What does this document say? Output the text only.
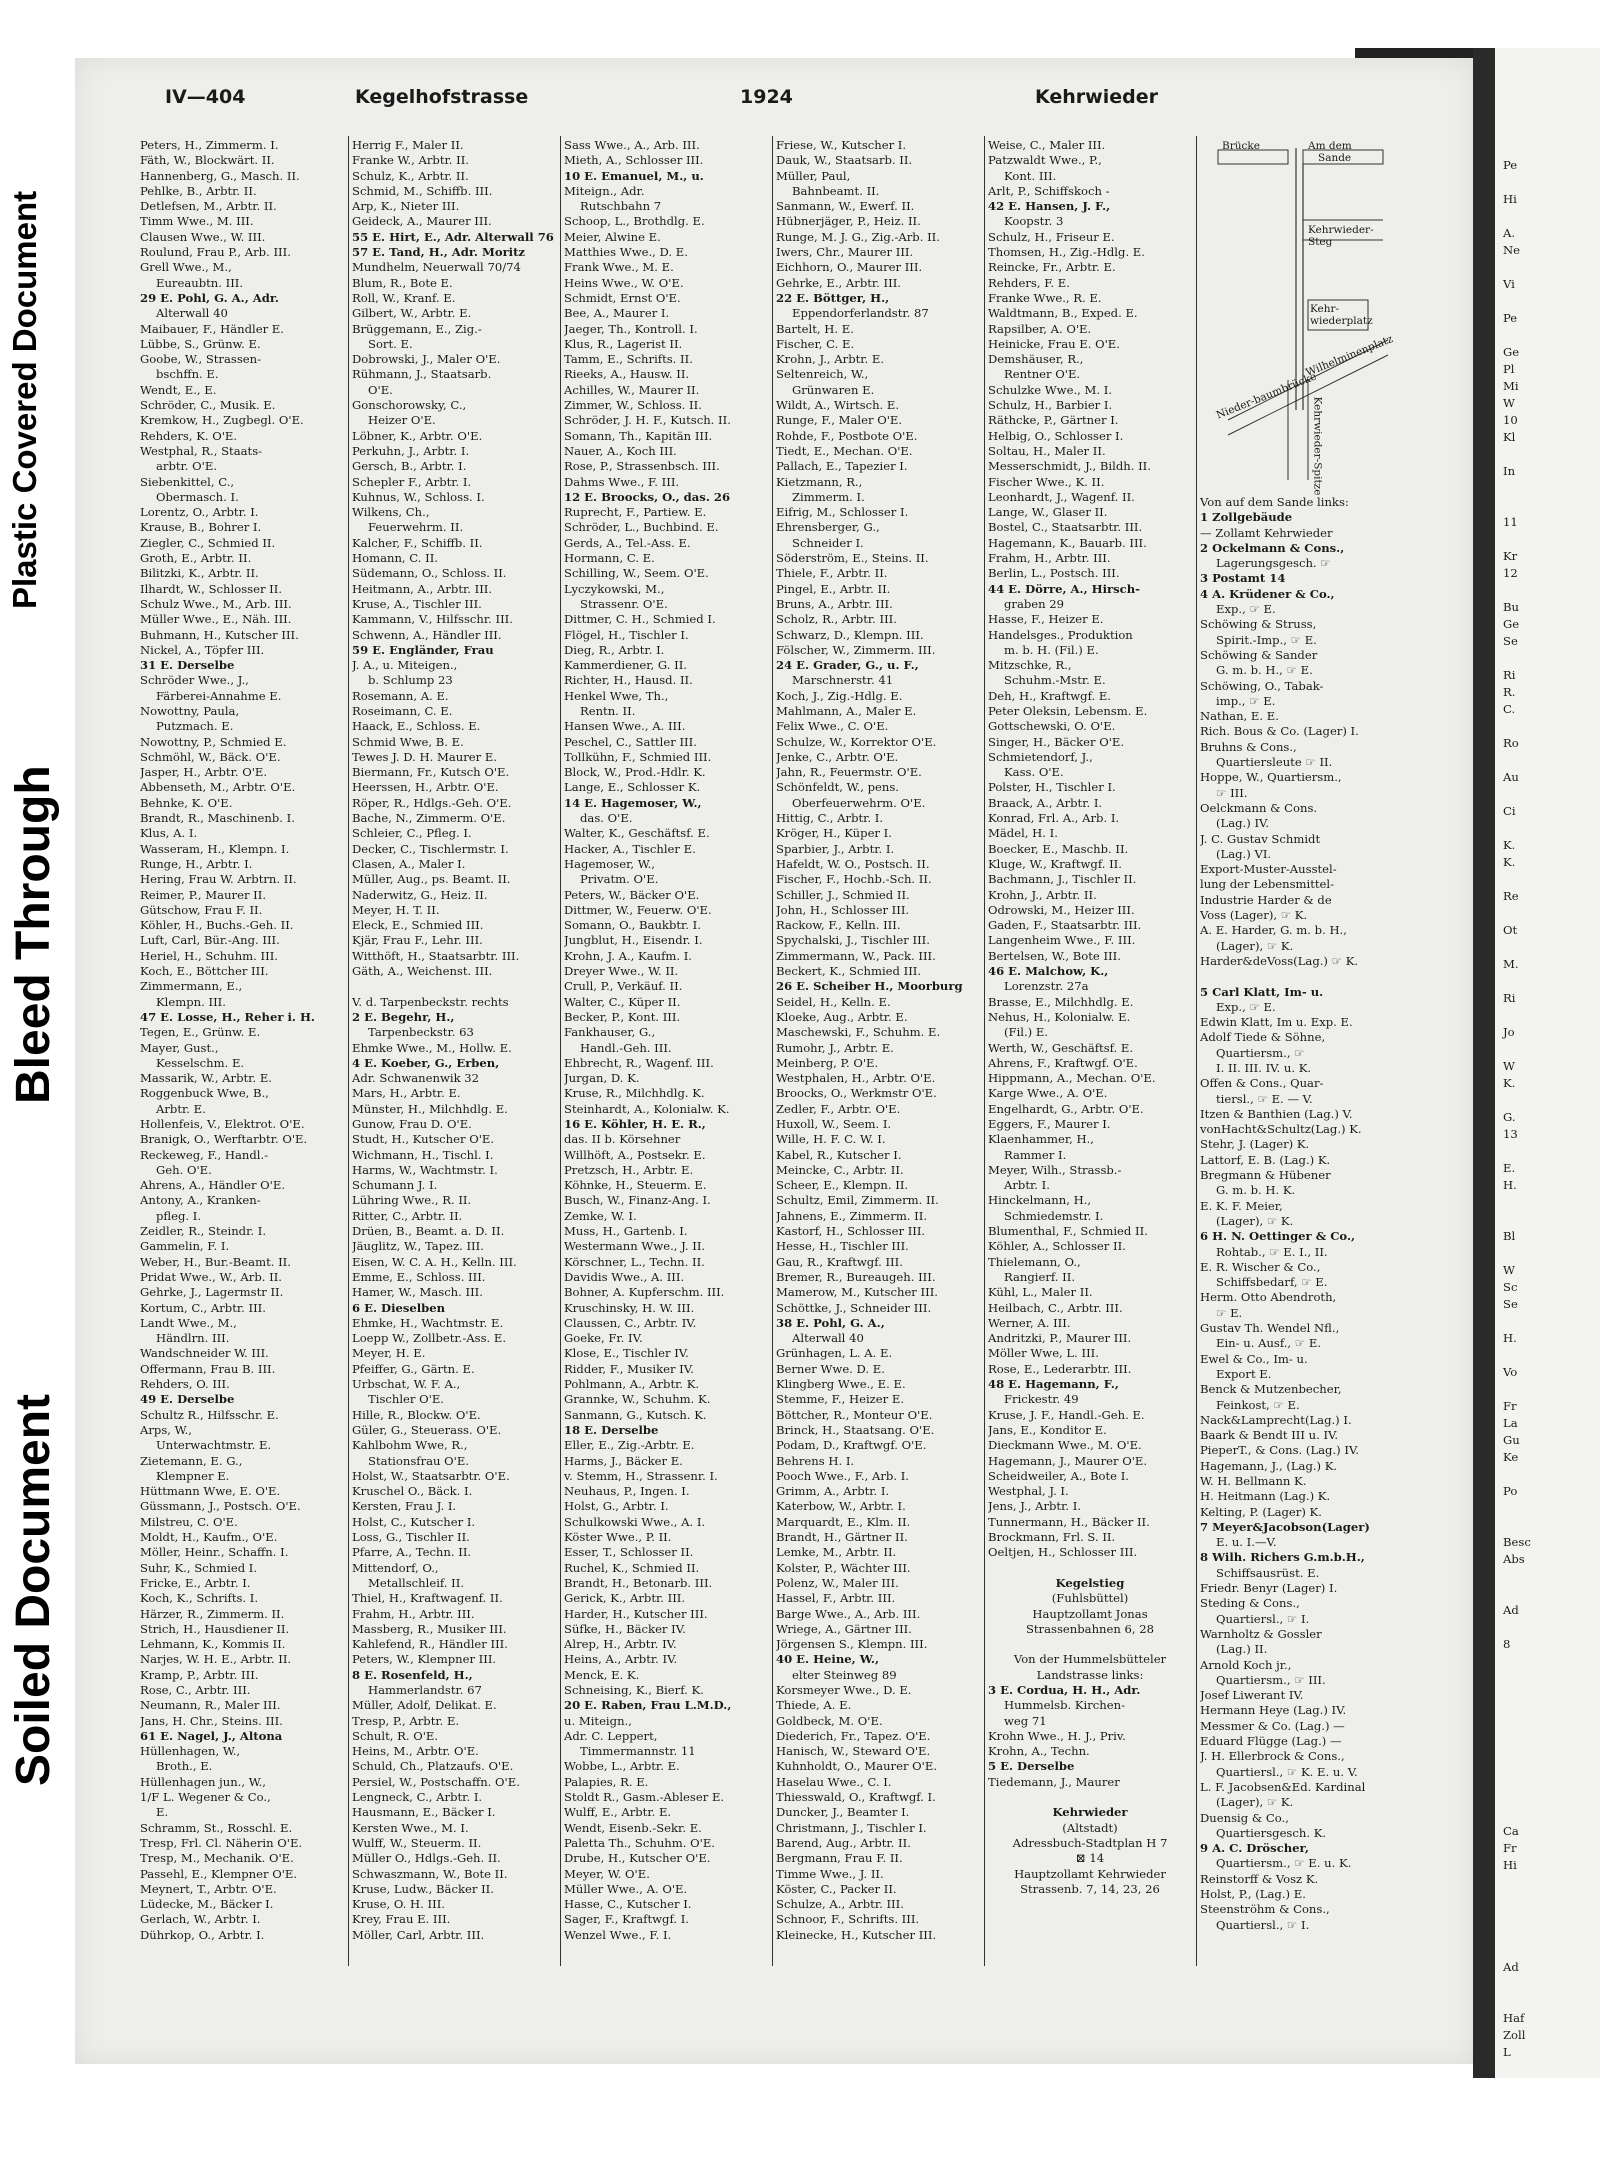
Plastic Covered Document
Bleed Through
Soiled Document
Pe

Hi

A.
Ne

Vi

Pe

Ge
Pl
Mi
W
10
Kl

In

11

Kr
12

Bu
Ge
Se

Ri
R.
C.

Ro

Au

Ci

K.
K.

Re

Ot

M.

Ri

Jo

W
K.

G.
13

E.
H.

Bl

W
Sc
Se

H.

Vo

Fr
La
Gu
Ke

Po

Besc
Abs

Ad

8

Ca
Fr
Hi

Ad

Haf
Zoll
L
IV—404	Kegelhofstrasse	1924	Kehrwieder
Peters, H., Zimmerm. I.
Fäth, W., Blockwärt. II.
Hannenberg, G., Masch. II.
Pehlke, B., Arbtr. II.
Detlefsen, M., Arbtr. II.
Timm Wwe., M. III.
Clausen Wwe., W. III.
Roulund, Frau P., Arb. III.
Grell Wwe., M.,
Eureaubtn. III.
29 E. Pohl, G. A., Adr.
Alterwall 40
Maibauer, F., Händler E.
Lübbe, S., Grünw. E.
Goobe, W., Strassen-
bschffn. E.
Wendt, E., E.
Schröder, C., Musik. E.
Kremkow, H., Zugbegl. O'E.
Rehders, K. O'E.
Westphal, R., Staats-
arbtr. O'E.
Siebenkittel, C.,
Obermasch. I.
Lorentz, O., Arbtr. I.
Krause, B., Bohrer I.
Ziegler, C., Schmied II.
Groth, E., Arbtr. II.
Bilitzki, K., Arbtr. II.
Ilhardt, W., Schlosser II.
Schulz Wwe., M., Arb. III.
Müller Wwe., E., Näh. III.
Buhmann, H., Kutscher III.
Nickel, A., Töpfer III.
31 E. Derselbe
Schröder Wwe., J.,
Färberei-Annahme E.
Nowottny, Paula,
Putzmach. E.
Nowottny, P., Schmied E.
Schmöhl, W., Bäck. O'E.
Jasper, H., Arbtr. O'E.
Abbenseth, M., Arbtr. O'E.
Behnke, K. O'E.
Brandt, R., Maschinenb. I.
Klus, A. I.
Wasseram, H., Klempn. I.
Runge, H., Arbtr. I.
Hering, Frau W. Arbtrn. II.
Reimer, P., Maurer II.
Gütschow, Frau F. II.
Köhler, H., Buchs.-Geh. II.
Luft, Carl, Bür.-Ang. III.
Heriel, H., Schuhm. III.
Koch, E., Böttcher III.
Zimmermann, E.,
Klempn. III.
47 E. Losse, H., Reher i. H.
Tegen, E., Grünw. E.
Mayer, Gust.,
Kesselschm. E.
Massarik, W., Arbtr. E.
Roggenbuck Wwe, B.,
Arbtr. E.
Hollenfeis, V., Elektrot. O'E.
Branigk, O., Werftarbtr. O'E.
Reckeweg, F., Handl.-
Geh. O'E.
Ahrens, A., Händler O'E.
Antony, A., Kranken-
pfleg. I.
Zeidler, R., Steindr. I.
Gammelin, F. I.
Weber, H., Bur.-Beamt. II.
Pridat Wwe., W., Arb. II.
Gehrke, J., Lagermstr II.
Kortum, C., Arbtr. III.
Landt Wwe., M.,
Händlrn. III.
Wandschneider W. III.
Offermann, Frau B. III.
Rehders, O. III.
49 E. Derselbe
Schultz R., Hilfsschr. E.
Arps, W.,
Unterwachtmstr. E.
Zietemann, E. G.,
Klempner E.
Hüttmann Wwe, E. O'E.
Güssmann, J., Postsch. O'E.
Milstreu, C. O'E.
Moldt, H., Kaufm., O'E.
Möller, Heinr., Schaffn. I.
Suhr, K., Schmied I.
Fricke, E., Arbtr. I.
Koch, K., Schrifts. I.
Härzer, R., Zimmerm. II.
Strich, H., Hausdiener II.
Lehmann, K., Kommis II.
Narjes, W. H. E., Arbtr. II.
Kramp, P., Arbtr. III.
Rose, C., Arbtr. III.
Neumann, R., Maler III.
Jans, H. Chr., Steins. III.
61 E. Nagel, J., Altona
Hüllenhagen, W.,
Broth., E.
Hüllenhagen jun., W.,
1/F L. Wegener & Co.,
E.
Schramm, St., Rosschl. E.
Tresp, Frl. Cl. Näherin O'E.
Tresp, M., Mechanik. O'E.
Passehl, E., Klempner O'E.
Meynert, T., Arbtr. O'E.
Lüdecke, M., Bäcker I.
Gerlach, W., Arbtr. I.
Dührkop, O., Arbtr. I.
Herrig F., Maler II.
Franke W., Arbtr. II.
Schulz, K., Arbtr. II.
Schmid, M., Schiffb. III.
Arp, K., Nieter III.
Geideck, A., Maurer III.
55 E. Hirt, E., Adr. Alterwall 76
57 E. Tand, H., Adr. Moritz
Mundhelm, Neuerwall 70/74
Blum, R., Bote E.
Roll, W., Kranf. E.
Gilbert, W., Arbtr. E.
Brüggemann, E., Zig.-
Sort. E.
Dobrowski, J., Maler O'E.
Rühmann, J., Staatsarb.
O'E.
Gonschorowsky, C.,
Heizer O'E.
Löbner, K., Arbtr. O'E.
Perkuhn, J., Arbtr. I.
Gersch, B., Arbtr. I.
Schepler F., Arbtr. I.
Kuhnus, W., Schloss. I.
Wilkens, Ch.,
Feuerwehrm. II.
Kalcher, F., Schiffb. II.
Homann, C. II.
Südemann, O., Schloss. II.
Heitmann, A., Arbtr. III.
Kruse, A., Tischler III.
Kammann, V., Hilfsschr. III.
Schwenn, A., Händler III.
59 E. Engländer, Frau
J. A., u. Miteigen.,
b. Schlump 23
Rosemann, A. E.
Roseimann, C. E.
Haack, E., Schloss. E.
Schmid Wwe, B. E.
Tewes J. D. H. Maurer E.
Biermann, Fr., Kutsch O'E.
Heerssen, H., Arbtr. O'E.
Röper, R., Hdlgs.-Geh. O'E.
Bache, N., Zimmerm. O'E.
Schleier, C., Pfleg. I.
Decker, C., Tischlermstr. I.
Clasen, A., Maler I.
Müller, Aug., ps. Beamt. II.
Naderwitz, G., Heiz. II.
Meyer, H. T. II.
Eleck, E., Schmied III.
Kjär, Frau F., Lehr. III.
Witthöft, H., Staatsarbtr. III.
Gäth, A., Weichenst. III.

V. d. Tarpenbeckstr. rechts
2 E. Begehr, H.,
Tarpenbeckstr. 63
Ehmke Wwe., M., Hollw. E.
4 E. Koeber, G., Erben,
Adr. Schwanenwik 32
Mars, H., Arbtr. E.
Münster, H., Milchhdlg. E.
Gunow, Frau D. O'E.
Studt, H., Kutscher O'E.
Wichmann, H., Tischl. I.
Harms, W., Wachtmstr. I.
Schumann J. I.
Lühring Wwe., R. II.
Ritter, C., Arbtr. II.
Drüen, B., Beamt. a. D. II.
Jäuglitz, W., Tapez. III.
Eisen, W. C. A. H., Kelln. III.
Emme, E., Schloss. III.
Hamer, W., Masch. III.
6 E. Dieselben
Ehmke, H., Wachtmstr. E.
Loepp W., Zollbetr.-Ass. E.
Meyer, H. E.
Pfeiffer, G., Gärtn. E.
Urbschat, W. F. A.,
Tischler O'E.
Hille, R., Blockw. O'E.
Güler, G., Steuerass. O'E.
Kahlbohm Wwe, R.,
Stationsfrau O'E.
Holst, W., Staatsarbtr. O'E.
Kruschel O., Bäck. I.
Kersten, Frau J. I.
Holst, C., Kutscher I.
Loss, G., Tischler II.
Pfarre, A., Techn. II.
Mittendorf, O.,
Metallschleif. II.
Thiel, H., Kraftwagenf. II.
Frahm, H., Arbtr. III.
Massberg, R., Musiker III.
Kahlefend, R., Händler III.
Peters, W., Klempner III.
8 E. Rosenfeld, H.,
Hammerlandstr. 67
Müller, Adolf, Delikat. E.
Tresp, P., Arbtr. E.
Schult, R. O'E.
Heins, M., Arbtr. O'E.
Schuld, Ch., Platzaufs. O'E.
Persiel, W., Postschaffn. O'E.
Lengneck, C., Arbtr. I.
Hausmann, E., Bäcker I.
Kersten Wwe., M. I.
Wulff, W., Steuerm. II.
Müller O., Hdlgs.-Geh. II.
Schwaszmann, W., Bote II.
Kruse, Ludw., Bäcker II.
Kruse, O. H. III.
Krey, Frau E. III.
Möller, Carl, Arbtr. III.
Sass Wwe., A., Arb. III.
Mieth, A., Schlosser III.
10 E. Emanuel, M., u.
Miteign., Adr.
Rutschbahn 7
Schoop, L., Brothdlg. E.
Meier, Alwine E.
Matthies Wwe., D. E.
Frank Wwe., M. E.
Heins Wwe., W. O'E.
Schmidt, Ernst O'E.
Bee, A., Maurer I.
Jaeger, Th., Kontroll. I.
Klus, R., Lagerist II.
Tamm, E., Schrifts. II.
Rieeks, A., Hausw. II.
Achilles, W., Maurer II.
Zimmer, W., Schloss. II.
Schröder, J. H. F., Kutsch. II.
Somann, Th., Kapitän III.
Nauer, A., Koch III.
Rose, P., Strassenbsch. III.
Dahms Wwe., F. III.
12 E. Broocks, O., das. 26
Ruprecht, F., Partiew. E.
Schröder, L., Buchbind. E.
Gerds, A., Tel.-Ass. E.
Hormann, C. E.
Schilling, W., Seem. O'E.
Lyczykowski, M.,
Strassenr. O'E.
Dittmer, C. H., Schmied I.
Flögel, H., Tischler I.
Dieg, R., Arbtr. I.
Kammerdiener, G. II.
Richter, H., Hausd. II.
Henkel Wwe, Th.,
Rentn. II.
Hansen Wwe., A. III.
Peschel, C., Sattler III.
Tollkühn, F., Schmied III.
Block, W., Prod.-Hdlr. K.
Lange, E., Schlosser K.
14 E. Hagemoser, W.,
das. O'E.
Walter, K., Geschäftsf. E.
Hacker, A., Tischler E.
Hagemoser, W.,
Privatm. O'E.
Peters, W., Bäcker O'E.
Dittmer, W., Feuerw. O'E.
Somann, O., Baukbtr. I.
Jungblut, H., Eisendr. I.
Krohn, J. A., Kaufm. I.
Dreyer Wwe., W. II.
Crull, P., Verkäuf. II.
Walter, C., Küper II.
Becker, P., Kont. III.
Fankhauser, G.,
Handl.-Geh. III.
Ehbrecht, R., Wagenf. III.
Jurgan, D. K.
Kruse, R., Milchhdlg. K.
Steinhardt, A., Kolonialw. K.
16 E. Köhler, H. E. R.,
das. II b. Körsehner
Willhöft, A., Postsekr. E.
Pretzsch, H., Arbtr. E.
Köhnke, H., Steuerm. E.
Busch, W., Finanz-Ang. I.
Zemke, W. I.
Muss, H., Gartenb. I.
Westermann Wwe., J. II.
Körschner, L., Techn. II.
Davidis Wwe., A. III.
Bohner, A. Kupferschm. III.
Kruschinsky, H. W. III.
Claussen, C., Arbtr. IV.
Goeke, Fr. IV.
Klose, E., Tischler IV.
Ridder, F., Musiker IV.
Pohlmann, A., Arbtr. K.
Grannke, W., Schuhm. K.
Sanmann, G., Kutsch. K.
18 E. Derselbe
Eller, E., Zig.-Arbtr. E.
Harms, J., Bäcker E.
v. Stemm, H., Strassenr. I.
Neuhaus, P., Ingen. I.
Holst, G., Arbtr. I.
Schulkowski Wwe., A. I.
Köster Wwe., P. II.
Esser, T., Schlosser II.
Ruchel, K., Schmied II.
Brandt, H., Betonarb. III.
Gerick, K., Arbtr. III.
Harder, H., Kutscher III.
Süfke, H., Bäcker IV.
Alrep, H., Arbtr. IV.
Heins, A., Arbtr. IV.
Menck, E. K.
Schneising, K., Bierf. K.
20 E. Raben, Frau L.M.D.,
u. Miteign.,
Adr. C. Leppert,
Timmermannstr. 11
Wobbe, L., Arbtr. E.
Palapies, R. E.
Stoldt R., Gasm.-Ableser E.
Wulff, E., Arbtr. E.
Wendt, Eisenb.-Sekr. E.
Paletta Th., Schuhm. O'E.
Drube, H., Kutscher O'E.
Meyer, W. O'E.
Müller Wwe., A. O'E.
Hasse, C., Kutscher I.
Sager, F., Kraftwgf. I.
Wenzel Wwe., F. I.
Friese, W., Kutscher I.
Dauk, W., Staatsarb. II.
Müller, Paul,
Bahnbeamt. II.
Sanmann, W., Ewerf. II.
Hübnerjäger, P., Heiz. II.
Runge, M. J. G., Zig.-Arb. II.
Iwers, Chr., Maurer III.
Eichhorn, O., Maurer III.
Gehrke, E., Arbtr. III.
22 E. Böttger, H.,
Eppendorferlandstr. 87
Bartelt, H. E.
Fischer, C. E.
Krohn, J., Arbtr. E.
Seltenreich, W.,
Grünwaren E.
Wildt, A., Wirtsch. E.
Runge, F., Maler O'E.
Rohde, F., Postbote O'E.
Tiedt, E., Mechan. O'E.
Pallach, E., Tapezier I.
Kietzmann, R.,
Zimmerm. I.
Eifrig, M., Schlosser I.
Ehrensberger, G.,
Schneider I.
Söderström, E., Steins. II.
Thiele, F., Arbtr. II.
Pingel, E., Arbtr. II.
Bruns, A., Arbtr. III.
Scholz, R., Arbtr. III.
Schwarz, D., Klempn. III.
Fölscher, W., Zimmerm. III.
24 E. Grader, G., u. F.,
Marschnerstr. 41
Koch, J., Zig.-Hdlg. E.
Mahlmann, A., Maler E.
Felix Wwe., C. O'E.
Schulze, W., Korrektor O'E.
Jenke, C., Arbtr. O'E.
Jahn, R., Feuermstr. O'E.
Schönfeldt, W., pens.
Oberfeuerwehrm. O'E.
Hittig, C., Arbtr. I.
Kröger, H., Küper I.
Sparbier, J., Arbtr. I.
Hafeldt, W. O., Postsch. II.
Fischer, F., Hochb.-Sch. II.
Schiller, J., Schmied II.
John, H., Schlosser III.
Rackow, F., Kelln. III.
Spychalski, J., Tischler III.
Zimmermann, W., Pack. III.
Beckert, K., Schmied III.
26 E. Scheiber H., Moorburg
Seidel, H., Kelln. E.
Kloeke, Aug., Arbtr. E.
Maschewski, F., Schuhm. E.
Rumohr, J., Arbtr. E.
Meinberg, P. O'E.
Westphalen, H., Arbtr. O'E.
Broocks, O., Werkmstr O'E.
Zedler, F., Arbtr. O'E.
Huxoll, W., Seem. I.
Wille, H. F. C. W. I.
Kabel, R., Kutscher I.
Meincke, C., Arbtr. II.
Scheer, E., Klempn. II.
Schultz, Emil, Zimmerm. II.
Jahnens, E., Zimmerm. II.
Kastorf, H., Schlosser III.
Hesse, H., Tischler III.
Gau, R., Kraftwgf. III.
Bremer, R., Bureaugeh. III.
Mamerow, M., Kutscher III.
Schöttke, J., Schneider III.
38 E. Pohl, G. A.,
Alterwall 40
Grünhagen, L. A. E.
Berner Wwe. D. E.
Klingberg Wwe., E. E.
Stemme, F., Heizer E.
Böttcher, R., Monteur O'E.
Brinck, H., Staatsang. O'E.
Podam, D., Kraftwgf. O'E.
Behrens H. I.
Pooch Wwe., F., Arb. I.
Grimm, A., Arbtr. I.
Katerbow, W., Arbtr. I.
Marquardt, E., Klm. II.
Brandt, H., Gärtner II.
Lemke, M., Arbtr. II.
Kolster, P., Wächter III.
Polenz, W., Maler III.
Hassel, F., Arbtr. III.
Barge Wwe., A., Arb. III.
Wriege, A., Gärtner III.
Jörgensen S., Klempn. III.
40 E. Heine, W.,
elter Steinweg 89
Korsmeyer Wwe., D. E.
Thiede, A. E.
Goldbeck, M. O'E.
Diederich, Fr., Tapez. O'E.
Hanisch, W., Steward O'E.
Kuhnholdt, O., Maurer O'E.
Haselau Wwe., C. I.
Thiesswald, O., Kraftwgf. I.
Duncker, J., Beamter I.
Christmann, J., Tischler I.
Barend, Aug., Arbtr. II.
Bergmann, Frau F. II.
Timme Wwe., J. II.
Köster, C., Packer II.
Schulze, A., Arbtr. III.
Schnoor, F., Schrifts. III.
Kleinecke, H., Kutscher III.
Weise, C., Maler III.
Patzwaldt Wwe., P.,
Kont. III.
Arlt, P., Schiffskoch -
42 E. Hansen, J. F.,
Koopstr. 3
Schulz, H., Friseur E.
Thomsen, H., Zig.-Hdlg. E.
Reincke, Fr., Arbtr. E.
Rehders, F. E.
Franke Wwe., R. E.
Waldtmann, B., Exped. E.
Rapsilber, A. O'E.
Heinicke, Frau E. O'E.
Demshäuser, R.,
Rentner O'E.
Schulzke Wwe., M. I.
Schulz, H., Barbier I.
Räthcke, P., Gärtner I.
Helbig, O., Schlosser I.
Soltau, H., Maler II.
Messerschmidt, J., Bildh. II.
Fischer Wwe., K. II.
Leonhardt, J., Wagenf. II.
Lange, W., Glaser II.
Bostel, C., Staatsarbtr. III.
Hagemann, K., Bauarb. III.
Frahm, H., Arbtr. III.
Berlin, L., Postsch. III.
44 E. Dörre, A., Hirsch-
graben 29
Hasse, F., Heizer E.
Handelsges., Produktion
m. b. H. (Fil.) E.
Mitzschke, R.,
Schuhm.-Mstr. E.
Deh, H., Kraftwgf. E.
Peter Oleksin, Lebensm. E.
Gottschewski, O. O'E.
Singer, H., Bäcker O'E.
Schmietendorf, J.,
Kass. O'E.
Polster, H., Tischler I.
Braack, A., Arbtr. I.
Konrad, Frl. A., Arb. I.
Mädel, H. I.
Boecker, E., Maschb. II.
Kluge, W., Kraftwgf. II.
Bachmann, J., Tischler II.
Krohn, J., Arbtr. II.
Odrowski, M., Heizer III.
Gaden, F., Staatsarbtr. III.
Langenheim Wwe., F. III.
Bertelsen, W., Bote III.
46 E. Malchow, K.,
Lorenzstr. 27a
Brasse, E., Milchhdlg. E.
Nehus, H., Kolonialw. E.
(Fil.) E.
Werth, W., Geschäftsf. E.
Ahrens, F., Kraftwgf. O'E.
Hippmann, A., Mechan. O'E.
Karge Wwe., A. O'E.
Engelhardt, G., Arbtr. O'E.
Eggers, F., Maurer I.
Klaenhammer, H.,
Rammer I.
Meyer, Wilh., Strassb.-
Arbtr. I.
Hinckelmann, H.,
Schmiedemstr. I.
Blumenthal, F., Schmied II.
Köhler, A., Schlosser II.
Thielemann, O.,
Rangierf. II.
Kühl, L., Maler II.
Heilbach, C., Arbtr. III.
Werner, A. III.
Andritzki, P., Maurer III.
Möller Wwe, L. III.
Rose, E., Lederarbtr. III.
48 E. Hagemann, F.,
Frickestr. 49
Kruse, J. F., Handl.-Geh. E.
Jans, E., Konditor E.
Dieckmann Wwe., M. O'E.
Hagemann, J., Maurer O'E.
Scheidweiler, A., Bote I.
Westphal, J. I.
Jens, J., Arbtr. I.
Tunnermann, H., Bäcker II.
Brockmann, Frl. S. II.
Oeltjen, H., Schlosser III.

Kegelstieg
(Fuhlsbüttel)
Hauptzollamt Jonas
Strassenbahnen 6, 28

Von der Hummelsbütteler
Landstrasse links:
3 E. Cordua, H. H., Adr.
Hummelsb. Kirchen-
weg 71
Krohn Wwe., H. J., Priv.
Krohn, A., Techn.
5 E. Derselbe
Tiedemann, J., Maurer

Kehrwieder
(Altstadt)
Adressbuch-Stadtplan H 7
⊠ 14
Hauptzollamt Kehrwieder
Strassenb. 7, 14, 23, 26
Brücke	Am dem
Sande
Kehrwieder-Steg
Kehr-wiederplatz
Wilhelminenplatz
Nieder-baumbrücke
Kehrwieder-Spitze
Von auf dem Sande links:
1 Zollgebäude
— Zollamt Kehrwieder
2 Ockelmann & Cons.,
Lagerungsgesch. ☞
3 Postamt 14
4 A. Krüdener & Co.,
Exp., ☞ E.
Schöwing & Struss,
Spirit.-Imp., ☞ E.
Schöwing & Sander
G. m. b. H., ☞ E.
Schöwing, O., Tabak-
imp., ☞ E.
Nathan, E. E.
Rich. Bous & Co. (Lager) I.
Bruhns & Cons.,
Quartiersleute ☞ II.
Hoppe, W., Quartiersm.,
☞ III.
Oelckmann & Cons.
(Lag.) IV.
J. C. Gustav Schmidt
(Lag.) VI.
Export-Muster-Ausstel-
lung der Lebensmittel-
Industrie Harder & de
Voss (Lager), ☞ K.
A. E. Harder, G. m. b. H.,
(Lager), ☞ K.
Harder&deVoss(Lag.) ☞ K.

5 Carl Klatt, Im- u.
Exp., ☞ E.
Edwin Klatt, Im u. Exp. E.
Adolf Tiede & Söhne,
Quartiersm., ☞
I. II. III. IV. u. K.
Offen & Cons., Quar-
tiersl., ☞ E. — V.
Itzen & Banthien (Lag.) V.
vonHacht&Schultz(Lag.) K.
Stehr, J. (Lager) K.
Lattorf, E. B. (Lag.) K.
Bregmann & Hübener
G. m. b. H. K.
E. K. F. Meier,
(Lager), ☞ K.
6 H. N. Oettinger & Co.,
Rohtab., ☞ E. I., II.
E. R. Wischer & Co.,
Schiffsbedarf, ☞ E.
Herm. Otto Abendroth,
☞ E.
Gustav Th. Wendel Nfl.,
Ein- u. Ausf., ☞ E.
Ewel & Co., Im- u.
Export E.
Benck & Mutzenbecher,
Feinkost, ☞ E.
Nack&Lamprecht(Lag.) I.
Baark & Bendt III u. IV.
PieperT., & Cons. (Lag.) IV.
Hagemann, J., (Lag.) K.
W. H. Bellmann K.
H. Heitmann (Lag.) K.
Kelting, P. (Lager) K.
7 Meyer&Jacobson(Lager)
E. u. I.—V.
8 Wilh. Richers G.m.b.H.,
Schiffsausrüst. E.
Friedr. Benyr (Lager) I.
Steding & Cons.,
Quartiersl., ☞ I.
Warnholtz & Gossler
(Lag.) II.
Arnold Koch jr.,
Quartiersm., ☞ III.
Josef Liwerant IV.
Hermann Heye (Lag.) IV.
Messmer & Co. (Lag.) —
Eduard Flügge (Lag.) —
J. H. Ellerbrock & Cons.,
Quartiersl., ☞ K. E. u. V.
L. F. Jacobsen&Ed. Kardinal
(Lager), ☞ K.
Duensig & Co.,
Quartiersgesch. K.
9 A. C. Dröscher,
Quartiersm., ☞ E. u. K.
Reinstorff & Vosz K.
Holst, P., (Lag.) E.
Steenströhm & Cons.,
Quartiersl., ☞ I.
